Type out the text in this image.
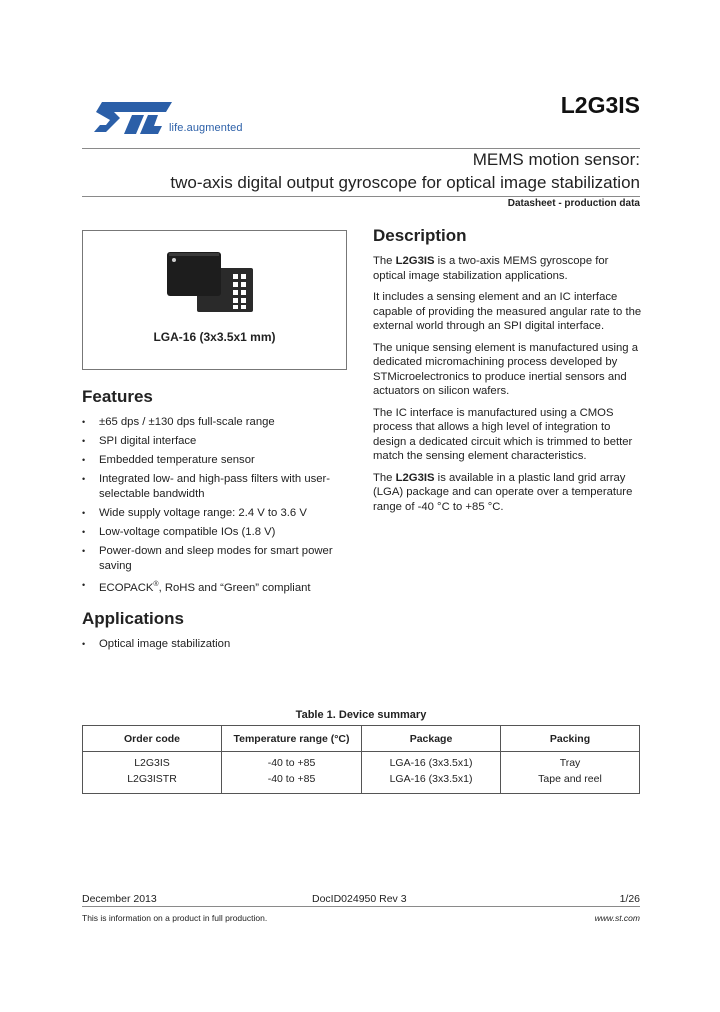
life.augmented
L2G3IS
MEMS motion sensor:
two-axis digital output gyroscope for optical image stabilization
Datasheet - production data
LGA-16 (3x3.5x1 mm)
Features
• ±65 dps / ±130 dps full-scale range
• SPI digital interface
• Embedded temperature sensor
• Integrated low- and high-pass filters with user-selectable bandwidth
• Wide supply voltage range: 2.4 V to 3.6 V
• Low-voltage compatible IOs (1.8 V)
• Power-down and sleep modes for smart power saving
• ECOPACK®, RoHS and “Green” compliant
Applications
• Optical image stabilization
Description

The L2G3IS is a two-axis MEMS gyroscope for optical image stabilization applications.

It includes a sensing element and an IC interface capable of providing the measured angular rate to the external world through an SPI digital interface.

The unique sensing element is manufactured using a dedicated micromachining process developed by STMicroelectronics to produce inertial sensors and actuators on silicon wafers.

The IC interface is manufactured using a CMOS process that allows a high level of integration to design a dedicated circuit which is trimmed to better match the sensing element characteristics.

The L2G3IS is available in a plastic land grid array (LGA) package and can operate over a temperature range of -40 °C to +85 °C.

Table 1. Device summary
Order code	Temperature range (°C)	Package	Packing
L2G3IS	-40 to +85	LGA-16 (3x3.5x1)	Tray
L2G3ISTR	-40 to +85	LGA-16 (3x3.5x1)	Tape and reel
December 2013	DocID024950 Rev 3	1/26
This is information on a product in full production.	www.st.com
